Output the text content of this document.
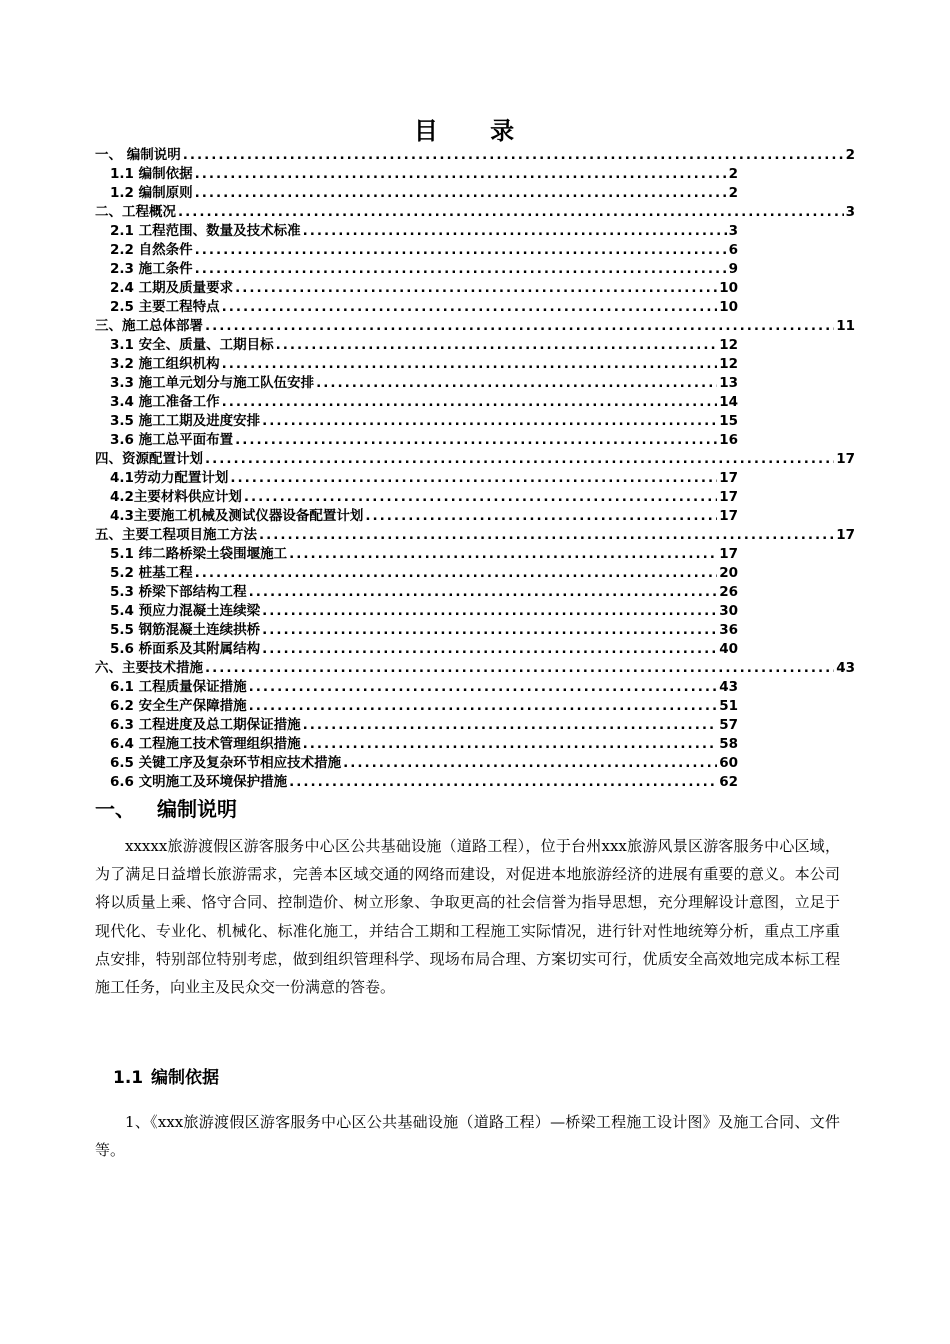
目 录
一、 编制说明 .....	2
1.1 编制依据 .....	2
1.2 编制原则 .....	2
二、工程概况 .....	3
2.1 工程范围、数量及技术标准 .....	3
2.2 自然条件 .....	6
2.3 施工条件 .....	9
2.4 工期及质量要求 .....	10
2.5 主要工程特点 .....	10
三、施工总体部署 .....	11
3.1 安全、质量、工期目标 .....	12
3.2 施工组织机构 .....	12
3.3 施工单元划分与施工队伍安排 .....	13
3.4 施工准备工作 .....	14
3.5 施工工期及进度安排 .....	15
3.6 施工总平面布置 .....	16
四、资源配置计划 .....	17
4.1劳动力配置计划 .....	17
4.2主要材料供应计划 .....	17
4.3主要施工机械及测试仪器设备配置计划 .....	17
五、主要工程项目施工方法 .....	17
5.1 纬二路桥梁土袋围堰施工 .....	17
5.2 桩基工程 .....	20
5.3 桥梁下部结构工程 .....	26
5.4 预应力混凝土连续梁 .....	30
5.5 钢筋混凝土连续拱桥 .....	36
5.6 桥面系及其附属结构 .....	40
六、主要技术措施 .....	43
6.1 工程质量保证措施 .....	43
6.2 安全生产保障措施 .....	51
6.3 工程进度及总工期保证措施 .....	57
6.4 工程施工技术管理组织措施 .....	58
6.5 关键工序及复杂环节相应技术措施 .....	60
6.6 文明施工及环境保护措施 .....	62
一、 编制说明
xxxxx旅游渡假区游客服务中心区公共基础设施（道路工程），位于台州xxx旅游风景区游客服务中心区域，为了满足日益增长旅游需求，完善本区域交通的网络而建设，对促进本地旅游经济的进展有重要的意义。本公司将以质量上乘、恪守合同、控制造价、树立形象、争取更高的社会信誉为指导思想，充分理解设计意图，立足于现代化、专业化、机械化、标准化施工，并结合工期和工程施工实际情况，进行针对性地统筹分析，重点工序重点安排，特别部位特别考虑，做到组织管理科学、现场布局合理、方案切实可行，优质安全高效地完成本标工程施工任务，向业主及民众交一份满意的答卷。
1.1 编制依据
1、《xxx旅游渡假区游客服务中心区公共基础设施（道路工程）—桥梁工程施工设计图》及施工合同、文件等。
